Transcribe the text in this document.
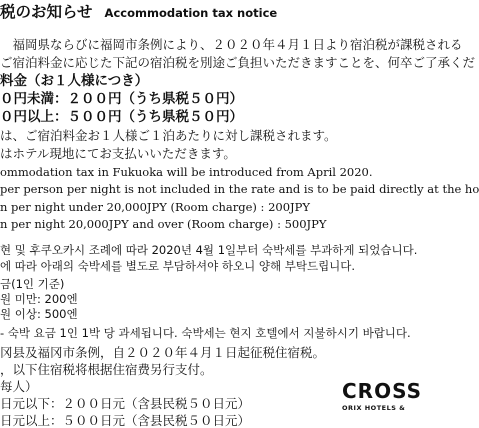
税のお知らせ Accommodation tax notice
　福岡県ならびに福岡市条例により、２０２０年４月１日より宿泊税が課税される
ご宿泊料金に応じた下記の宿泊税を別途ご負担いただきますことを、何卒ご了承くだ
料金（お１人様につき）
０円未満：２００円（うち県税５０円）
０円以上：５００円（うち県税５０円）
は、ご宿泊料金お１人様ご１泊あたりに対し課税されます。
はホテル現地にてお支払いいただきます。
ommodation tax in Fukuoka will be introduced from April 2020.
per person per night is not included in the rate and is to be paid directly at the ho
n per night under 20,000JPY (Room charge) : 200JPY
n per night 20,000JPY and over (Room charge) : 500JPY
현 및 후쿠오카시 조례에 따라 2020년 4월 1일부터 숙박세를 부과하게 되었습니다.
에 따라 아래의 숙박세를 별도로 부담하셔야 하오니 양해 부탁드립니다.
금(1인 기준)
원 미만: 200엔
원 이상: 500엔
- 숙박 요금 1인 1박 당 과세됩니다. 숙박세는 현지 호텔에서 지불하시기 바랍니다.
冈县及福冈市条例，自２０２０年４月１日起征税住宿税。
，以下住宿税将根据住宿费另行支付。
每人）
日元以下：２００日元（含县民税５０日元）
日元以上：５００日元（含县民税５０日元）
CROSS
ORIX HOTELS &
